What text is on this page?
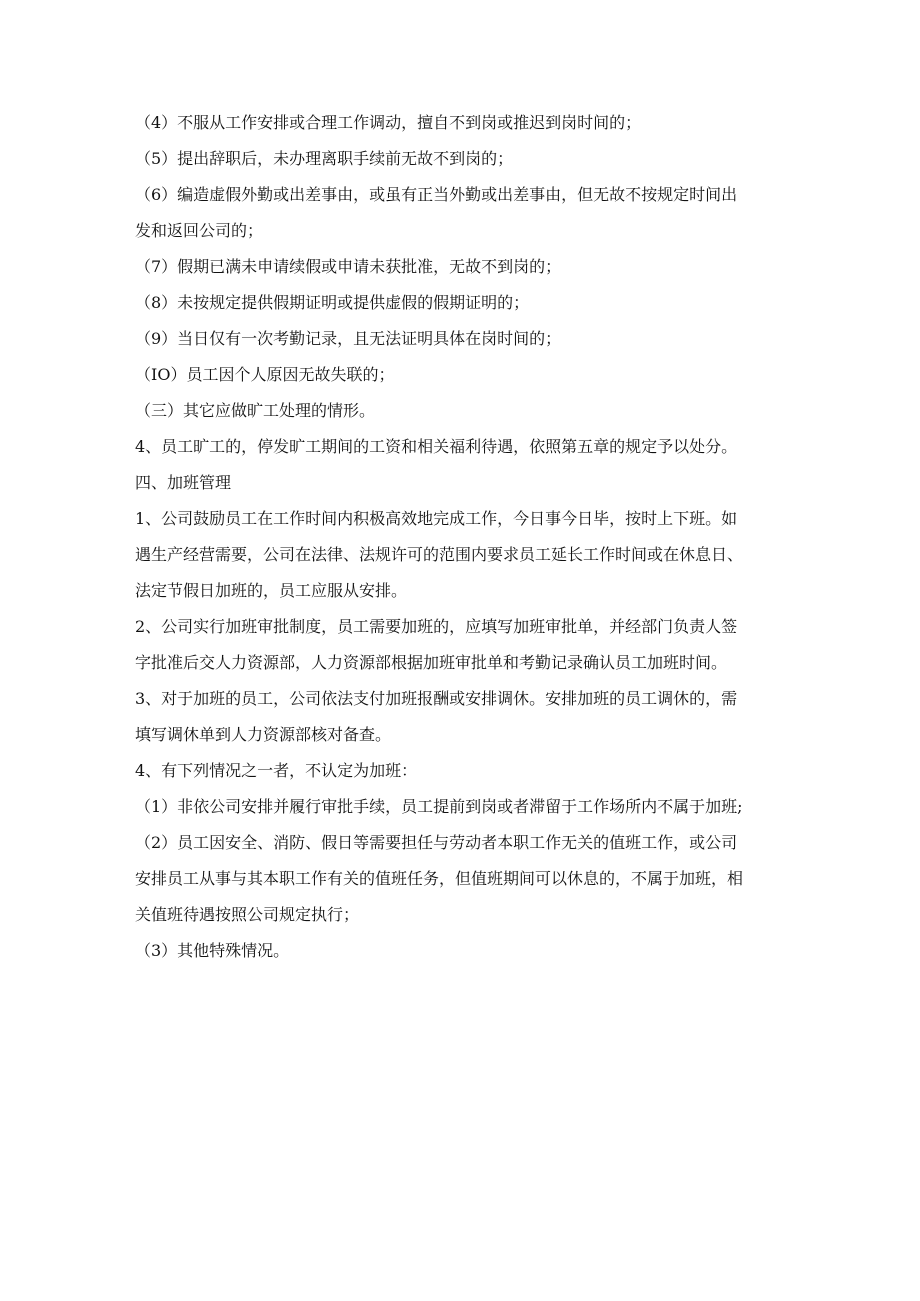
（4）不服从工作安排或合理工作调动，擅自不到岗或推迟到岗时间的；
（5）提出辞职后，未办理离职手续前无故不到岗的；
（6）编造虚假外勤或出差事由，或虽有正当外勤或出差事由，但无故不按规定时间出
发和返回公司的；
（7）假期已满未申请续假或申请未获批准，无故不到岗的；
（8）未按规定提供假期证明或提供虚假的假期证明的；
（9）当日仅有一次考勤记录，且无法证明具体在岗时间的；
（IO）员工因个人原因无故失联的；
（三）其它应做旷工处理的情形。
4、员工旷工的，停发旷工期间的工资和相关福利待遇，依照第五章的规定予以处分。
四、加班管理
1、公司鼓励员工在工作时间内积极高效地完成工作，今日事今日毕，按时上下班。如
遇生产经营需要，公司在法律、法规许可的范围内要求员工延长工作时间或在休息日、
法定节假日加班的，员工应服从安排。
2、公司实行加班审批制度，员工需要加班的，应填写加班审批单，并经部门负责人签
字批准后交人力资源部，人力资源部根据加班审批单和考勤记录确认员工加班时间。
3、对于加班的员工，公司依法支付加班报酬或安排调休。安排加班的员工调休的，需
填写调休单到人力资源部核对备查。
4、有下列情况之一者，不认定为加班：
（1）非依公司安排并履行审批手续，员工提前到岗或者滞留于工作场所内不属于加班;
（2）员工因安全、消防、假日等需要担任与劳动者本职工作无关的值班工作，或公司
安排员工从事与其本职工作有关的值班任务，但值班期间可以休息的，不属于加班，相
关值班待遇按照公司规定执行；
（3）其他特殊情况。
